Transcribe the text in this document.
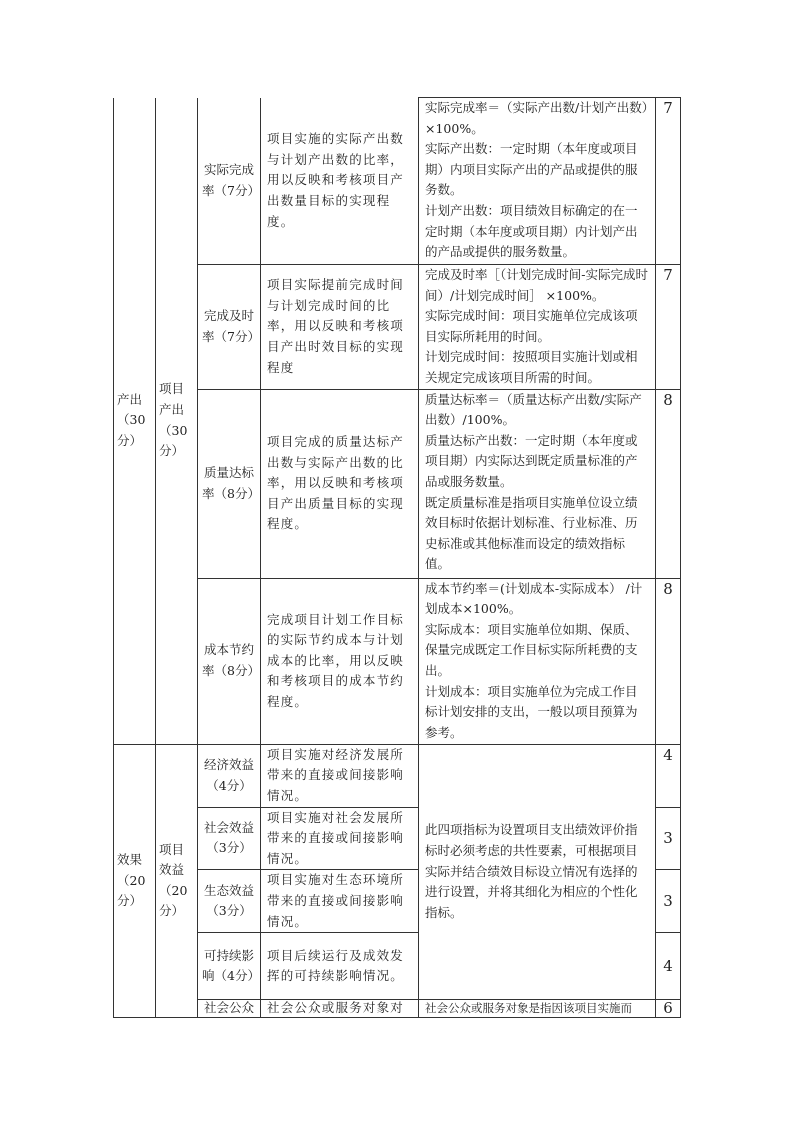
产出（30分）	项目产出（30分）	实际完成率（7分）	项目实施的实际产出数与计划产出数的比率，用以反映和考核项目产出数量目标的实现程度。	实际完成率＝（实际产出数/计划产出数）×100%。
实际产出数：一定时期（本年度或项目期）内项目实际产出的产品或提供的服务数。
计划产出数：项目绩效目标确定的在一定时期（本年度或项目期）内计划产出的产品或提供的服务数量。	7
		完成及时率（7分）	项目实际提前完成时间与计划完成时间的比率，用以反映和考核项目产出时效目标的实现程度	完成及时率［（计划完成时间-实际完成时间）/计划完成时间］ ×100%。
实际完成时间：项目实施单位完成该项目实际所耗用的时间。
计划完成时间：按照项目实施计划或相关规定完成该项目所需的时间。	7
		质量达标率（8分）	项目完成的质量达标产出数与实际产出数的比率，用以反映和考核项目产出质量目标的实现程度。	质量达标率＝（质量达标产出数/实际产出数）/100%。
质量达标产出数：一定时期（本年度或项目期）内实际达到既定质量标准的产品或服务数量。
既定质量标准是指项目实施单位设立绩效目标时依据计划标准、行业标准、历史标准或其他标准而设定的绩效指标值。	8
		成本节约率（8分）	完成项目计划工作目标的实际节约成本与计划成本的比率，用以反映和考核项目的成本节约程度。	成本节约率＝(计划成本-实际成本） /计划成本×100%。
实际成本：项目实施单位如期、保质、保量完成既定工作目标实际所耗费的支出。
计划成本：项目实施单位为完成工作目标计划安排的支出，一般以项目预算为参考。	8
效果（20分）	项目效益（20分）	经济效益（4分）	项目实施对经济发展所带来的直接或间接影响情况。	此四项指标为设置项目支出绩效评价指标时必须考虑的共性要素，可根据项目实际并结合绩效目标设立情况有选择的进行设置，并将其细化为相应的个性化指标。	4
		社会效益（3分）	项目实施对社会发展所带来的直接或间接影响情况。		3
		生态效益（3分）	项目实施对生态环境所带来的直接或间接影响情况。		3
		可持续影响（4分）	项目后续运行及成效发挥的可持续影响情况。		4
		社会公众	社会公众或服务对象对	社会公众或服务对象是指因该项目实施而	6
